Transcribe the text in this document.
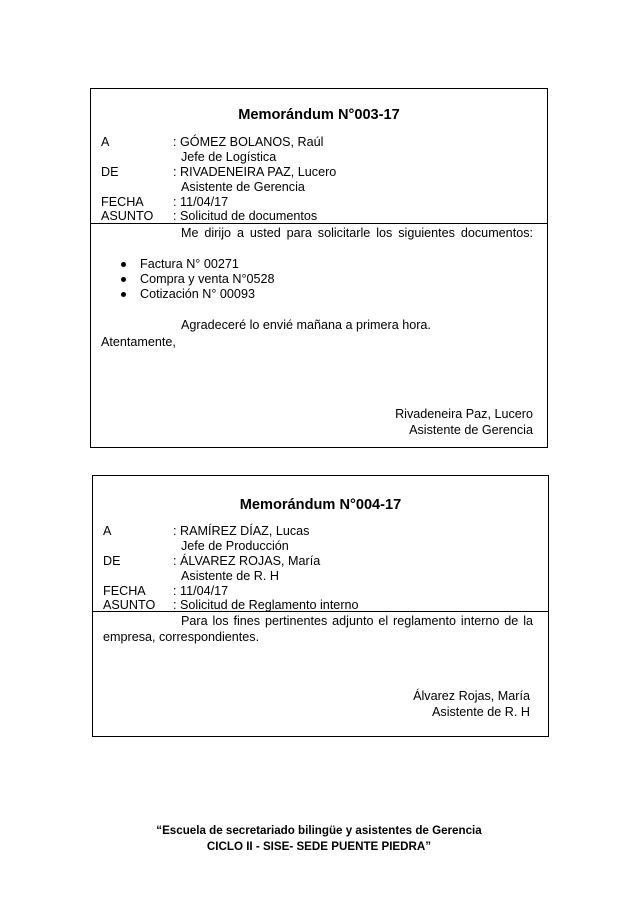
Memorándum N°003-17
A	: GÓMEZ BOLANOS, Raúl
Jefe de Logística
DE	: RIVADENEIRA PAZ, Lucero
Asistente de Gerencia
FECHA : 11/04/17
ASUNTO : Solicitud de documentos
Me dirijo a usted para solicitarle los siguientes documentos:
Factura N° 00271
Compra y venta N°0528
Cotización N° 00093
Agradeceré lo envié mañana a primera hora.
Atentamente,
Rivadeneira Paz, Lucero
Asistente de Gerencia
Memorándum N°004-17
A	: RAMÍREZ DÍAZ, Lucas
Jefe de Producción
DE	: ÁLVAREZ ROJAS, María
Asistente de R. H
FECHA : 11/04/17
ASUNTO : Solicitud de Reglamento interno
Para los fines pertinentes adjunto el reglamento interno de la
empresa, correspondientes.
Álvarez Rojas, María
Asistente de R. H
“Escuela de secretariado bilingüe y asistentes de Gerencia
CICLO II - SISE- SEDE PUENTE PIEDRA”
